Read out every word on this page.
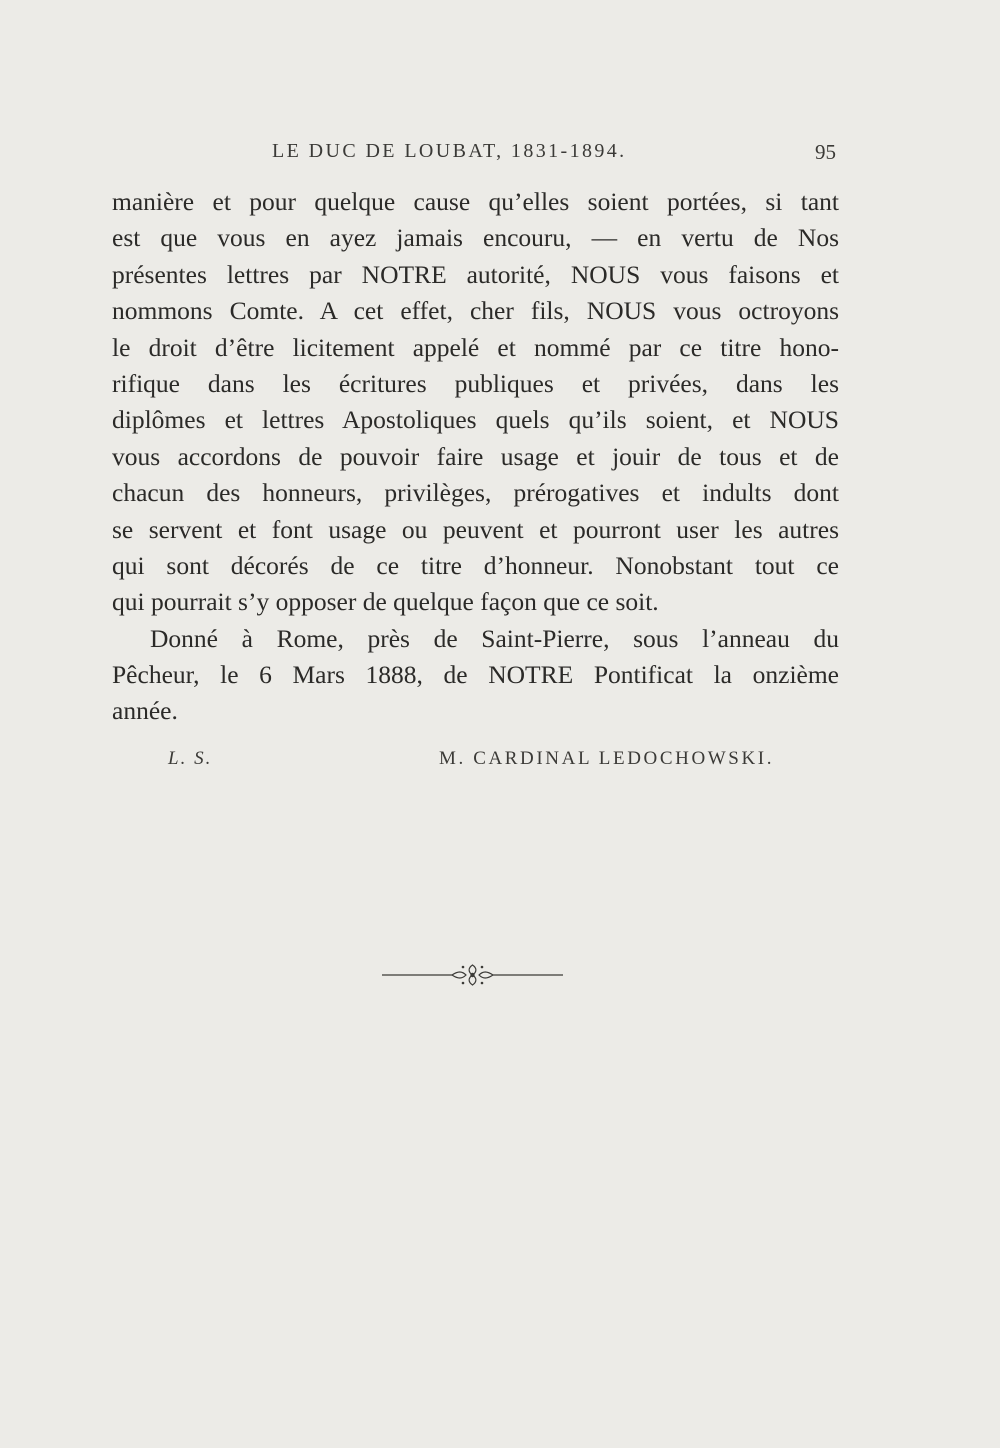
LE DUC DE LOUBAT, 1831-1894.	95
manière et pour quelque cause qu’elles soient portées, si tant
est que vous en ayez jamais encouru, — en vertu de Nos
présentes lettres par NOTRE autorité, NOUS vous faisons et
nommons Comte. A cet effet, cher fils, NOUS vous octroyons
le droit d’être licitement appelé et nommé par ce titre hono-
rifique dans les écritures publiques et privées, dans les
diplômes et lettres Apostoliques quels qu’ils soient, et NOUS
vous accordons de pouvoir faire usage et jouir de tous et de
chacun des honneurs, privilèges, prérogatives et indults dont
se servent et font usage ou peuvent et pourront user les autres
qui sont décorés de ce titre d’honneur. Nonobstant tout ce
qui pourrait s’y opposer de quelque façon que ce soit.
Donné à Rome, près de Saint-Pierre, sous l’anneau du
Pêcheur, le 6 Mars 1888, de NOTRE Pontificat la onzième
année.
L. S.	M. CARDINAL LEDOCHOWSKI.
